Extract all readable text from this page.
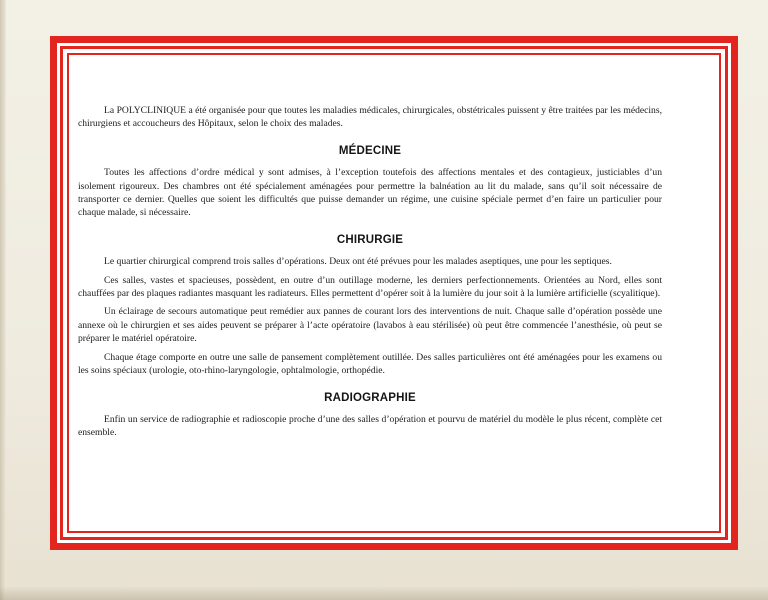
La POLYCLINIQUE a été organisée pour que toutes les maladies médicales, chirurgicales, obstétricales puissent y être traitées par les médecins, chirurgiens et accoucheurs des Hôpitaux, selon le choix des malades.

MÉDECINE

Toutes les affections d’ordre médical y sont admises, à l’exception toutefois des affections mentales et des contagieux, justiciables d’un isolement rigoureux. Des chambres ont été spécialement aménagées pour permettre la balnéation au lit du malade, sans qu’il soit nécessaire de transporter ce dernier. Quelles que soient les difficultés que puisse demander un régime, une cuisine spéciale permet d’en faire un particulier pour chaque malade, si nécessaire.

CHIRURGIE

Le quartier chirurgical comprend trois salles d’opérations. Deux ont été prévues pour les malades aseptiques, une pour les septiques.

Ces salles, vastes et spacieuses, possèdent, en outre d’un outillage moderne, les derniers perfectionnements. Orientées au Nord, elles sont chauffées par des plaques radiantes masquant les radiateurs. Elles permettent d’opérer soit à la lumière du jour soit à la lumière artificielle (scyalitique).

Un éclairage de secours automatique peut remédier aux pannes de courant lors des interventions de nuit. Chaque salle d’opération possède une annexe où le chirurgien et ses aides peuvent se préparer à l’acte opératoire (lavabos à eau stérilisée) où peut être commencée l’anesthésie, où peut se préparer le matériel opératoire.

Chaque étage comporte en outre une salle de pansement complètement outillée. Des salles particulières ont été aménagées pour les examens ou les soins spéciaux (urologie, oto-rhino-laryngologie, ophtalmologie, orthopédie.

RADIOGRAPHIE

Enfin un service de radiographie et radioscopie proche d’une des salles d’opération et pourvu de matériel du modèle le plus récent, complète cet ensemble.
